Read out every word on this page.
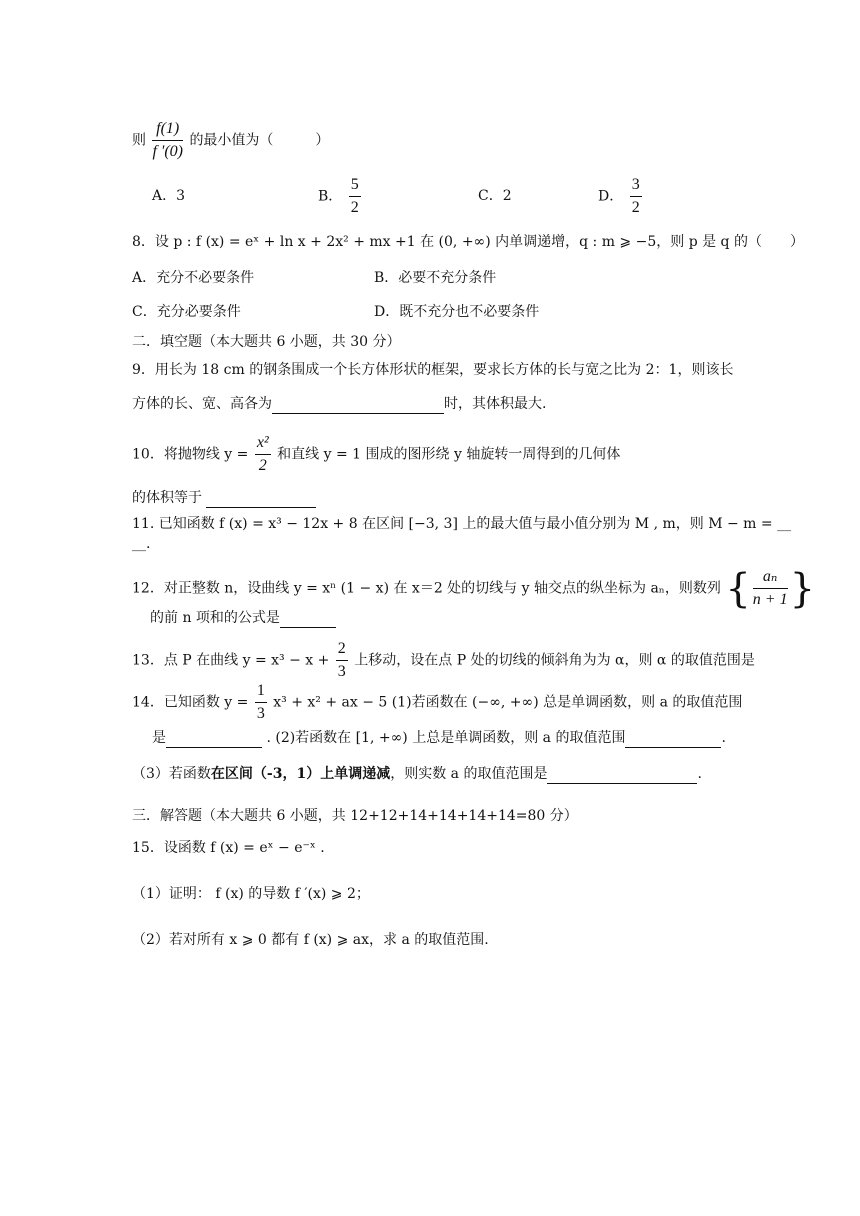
则 $\frac{f(1)}{f '(0)}$ 的最小值为（　　　）
A．3	B． $\frac{5}{2}$	C．2	D． $\frac{3}{2}$
8．设 p : f (x) = eˣ + ln x + 2x² + mx +1 在 (0, +∞) 内单调递增，q : m ⩾ −5，则 p 是 q 的（　　）
A．充分不必要条件	B．必要不充分条件
C．充分必要条件	D．既不充分也不必要条件
二．填空题（本大题共 6 小题，共 30 分）
9．用长为 18 cm 的钢条围成一个长方体形状的框架，要求长方体的长与宽之比为 2：1，则该长
方体的长、宽、高各为	时，其体积最大.
10．将抛物线 $y = \frac{\text{x²}}{2}$ 和直线 y = 1 围成的图形绕 y 轴旋转一周得到的几何体
的体积等于
11. 已知函数 f (x) = x³ − 12x + 8 在区间 [−3, 3] 上的最大值与最小值分别为 M , m，则 M − m = __
__.
12．对正整数 n，设曲线 y = xⁿ (1 − x) 在 x＝2 处的切线与 y 轴交点的纵坐标为 aₙ，则数列 { $\frac{\text{aₙ}}{n + 1}$ }
的前 n 项和的公式是
13．点 P 在曲线 $y = x^3 - x + \frac{2}{3}$ 上移动，设在点 P 处的切线的倾斜角为为 α，则 α 的取值范围是
14．已知函数 $y = \frac{1}{3} x^3 + x^2$ + ax − 5 (1)若函数在 (−∞, +∞) 总是单调函数，则 a 的取值范围
是	. (2)若函数在 [1, +∞) 上总是单调函数，则 a 的取值范围	.
（3）若函数在区间（-3，1）上单调递减，则实数 a 的取值范围是	.
三．解答题（本大题共 6 小题，共 12+12+14+14+14+14=80 分）
15．设函数 f (x) = eˣ − e⁻ˣ .
（1）证明： f (x) 的导数 f ′(x) ⩾ 2；
（2）若对所有 x ⩾ 0 都有 f (x) ⩾ ax，求 a 的取值范围.
